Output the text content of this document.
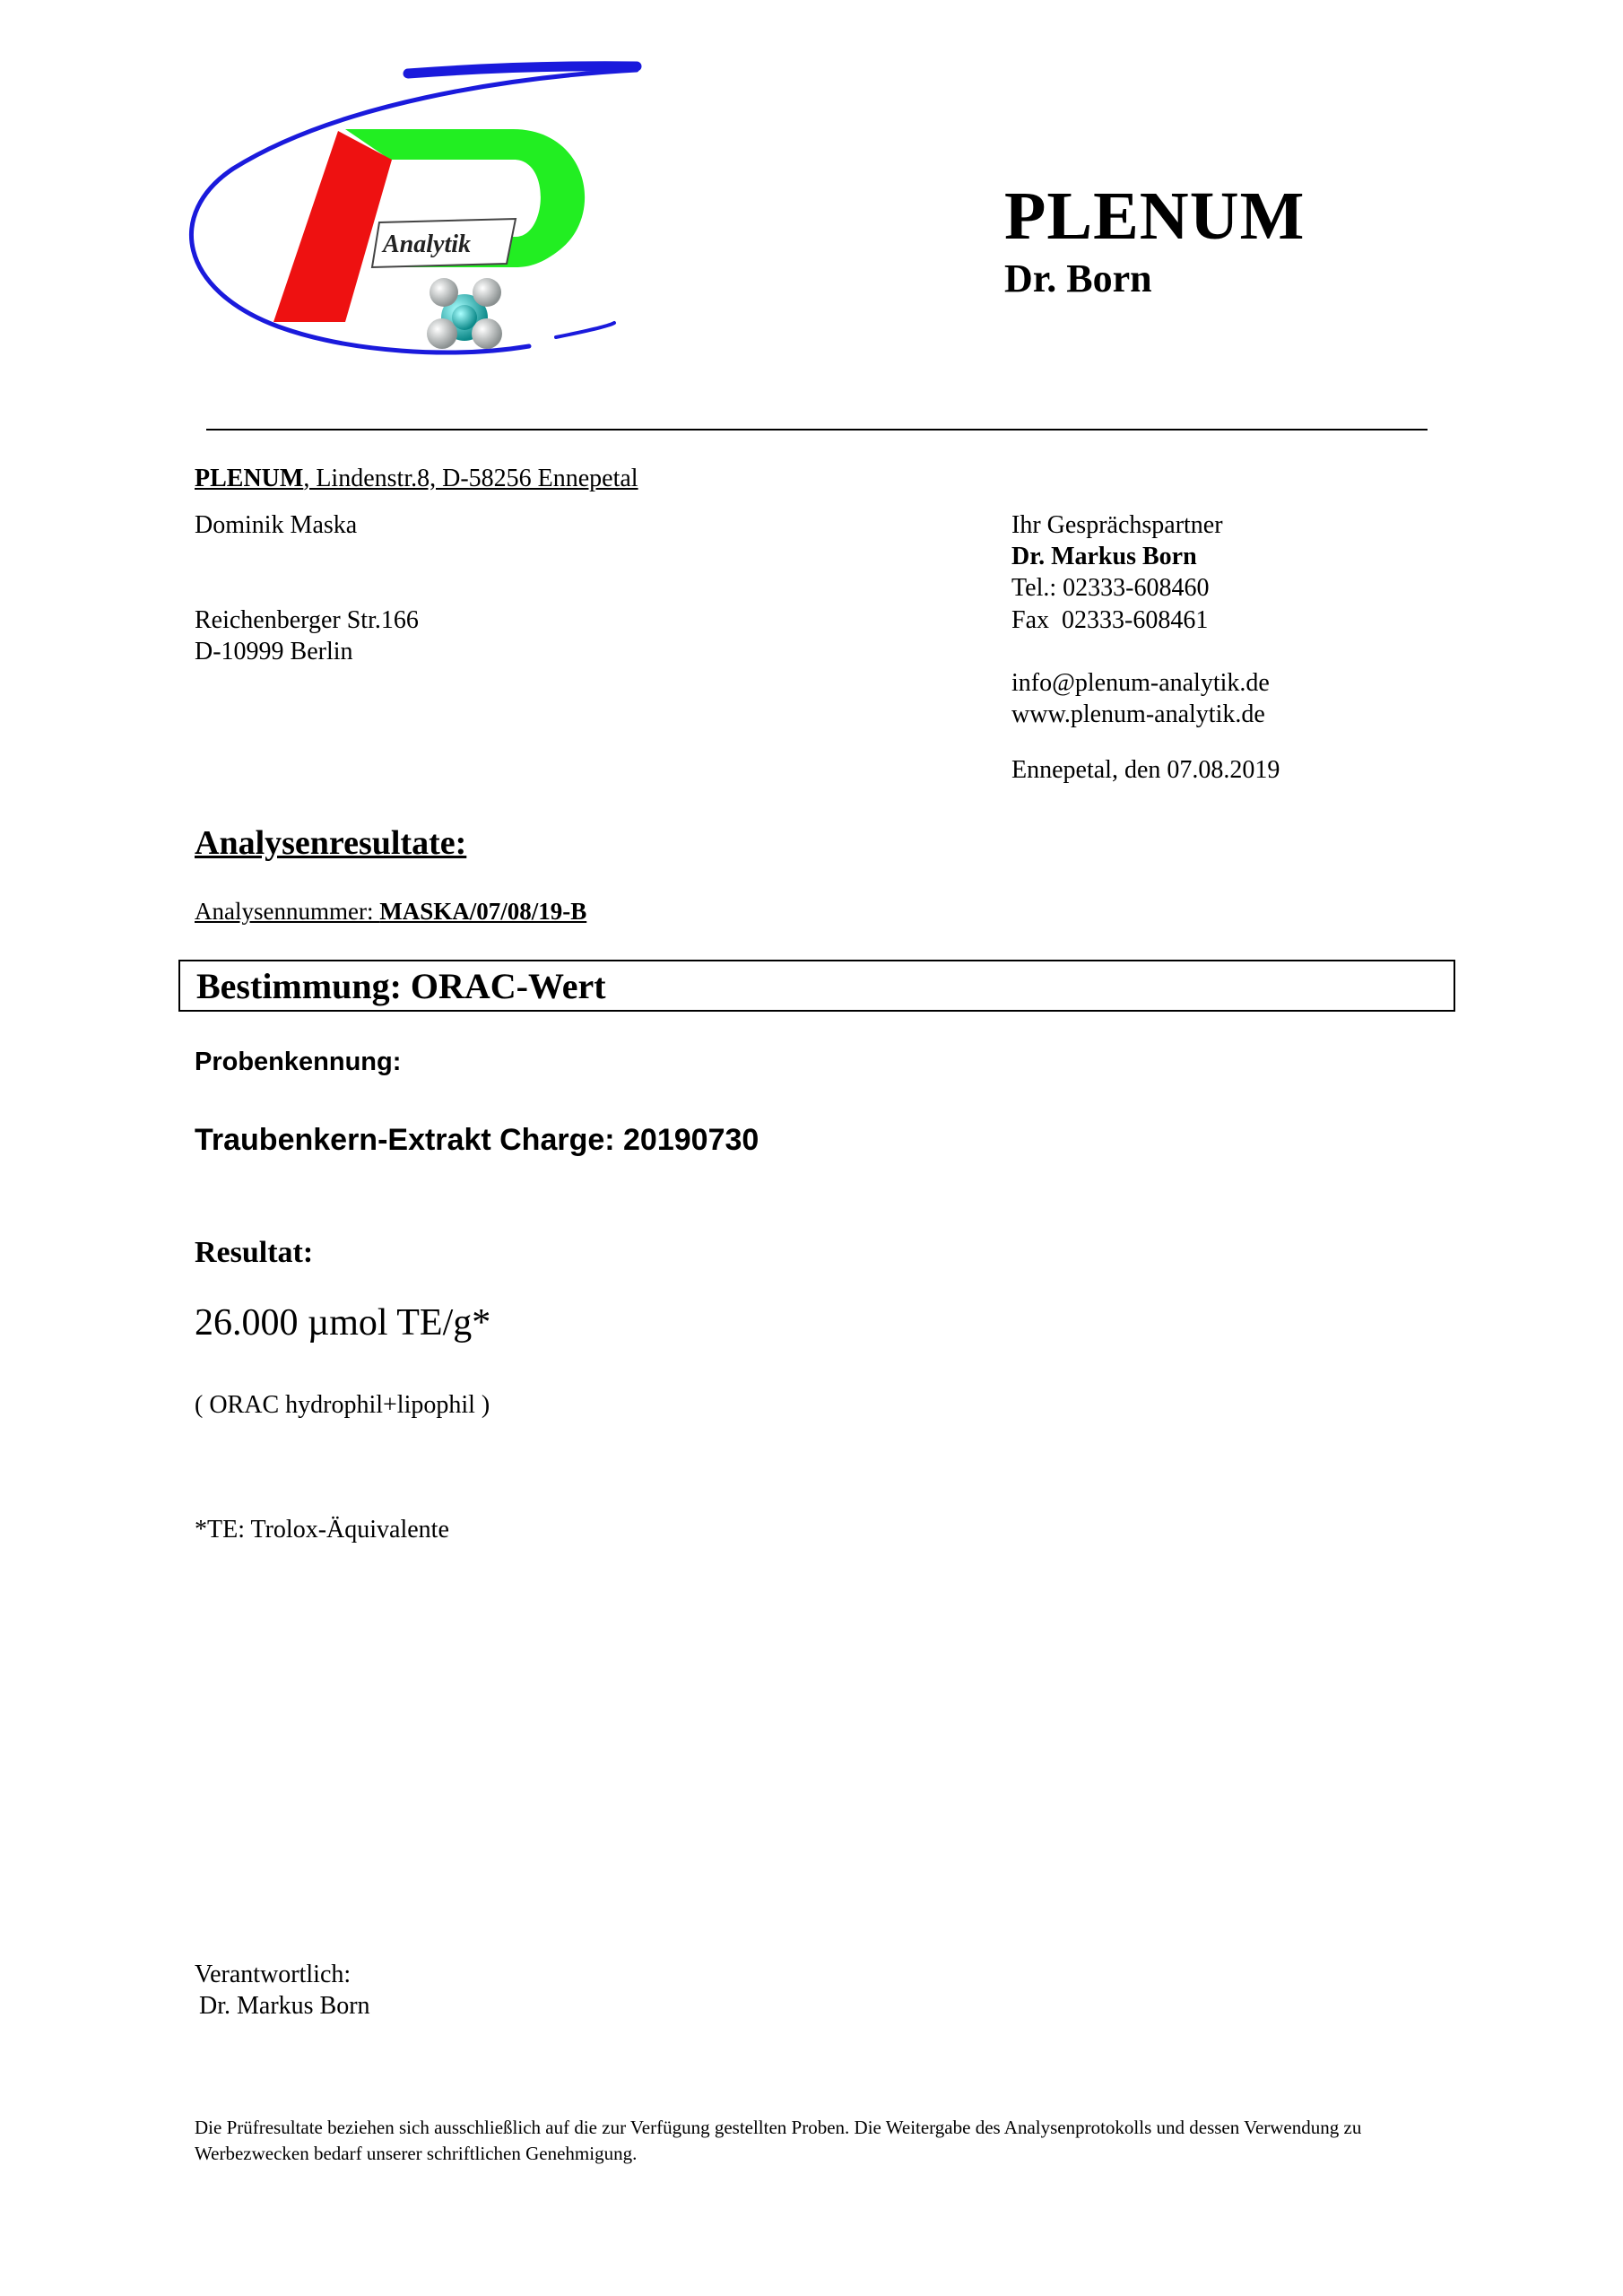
Analytik	PLENUM
Dr. Born
PLENUM, Lindenstr.8, D-58256 Ennepetal
Dominik Maska
Reichenberger Str.166
D-10999 Berlin
Ihr Gesprächspartner
Dr. Markus Born
Tel.: 02333-608460
Fax  02333-608461
info@plenum-analytik.de
www.plenum-analytik.de
Ennepetal, den 07.08.2019
Analysenresultate:
Analysennummer: MASKA/07/08/19-B
Bestimmung: ORAC-Wert
Probenkennung:
Traubenkern-Extrakt Charge: 20190730
Resultat:
26.000 µmol TE/g*
( ORAC hydrophil+lipophil )
*TE: Trolox-Äquivalente
Verantwortlich:
Dr. Markus Born
Die Prüfresultate beziehen sich ausschließlich auf die zur Verfügung gestellten Proben. Die Weitergabe des Analysenprotokolls und dessen Verwendung zu Werbezwecken bedarf unserer schriftlichen Genehmigung.
